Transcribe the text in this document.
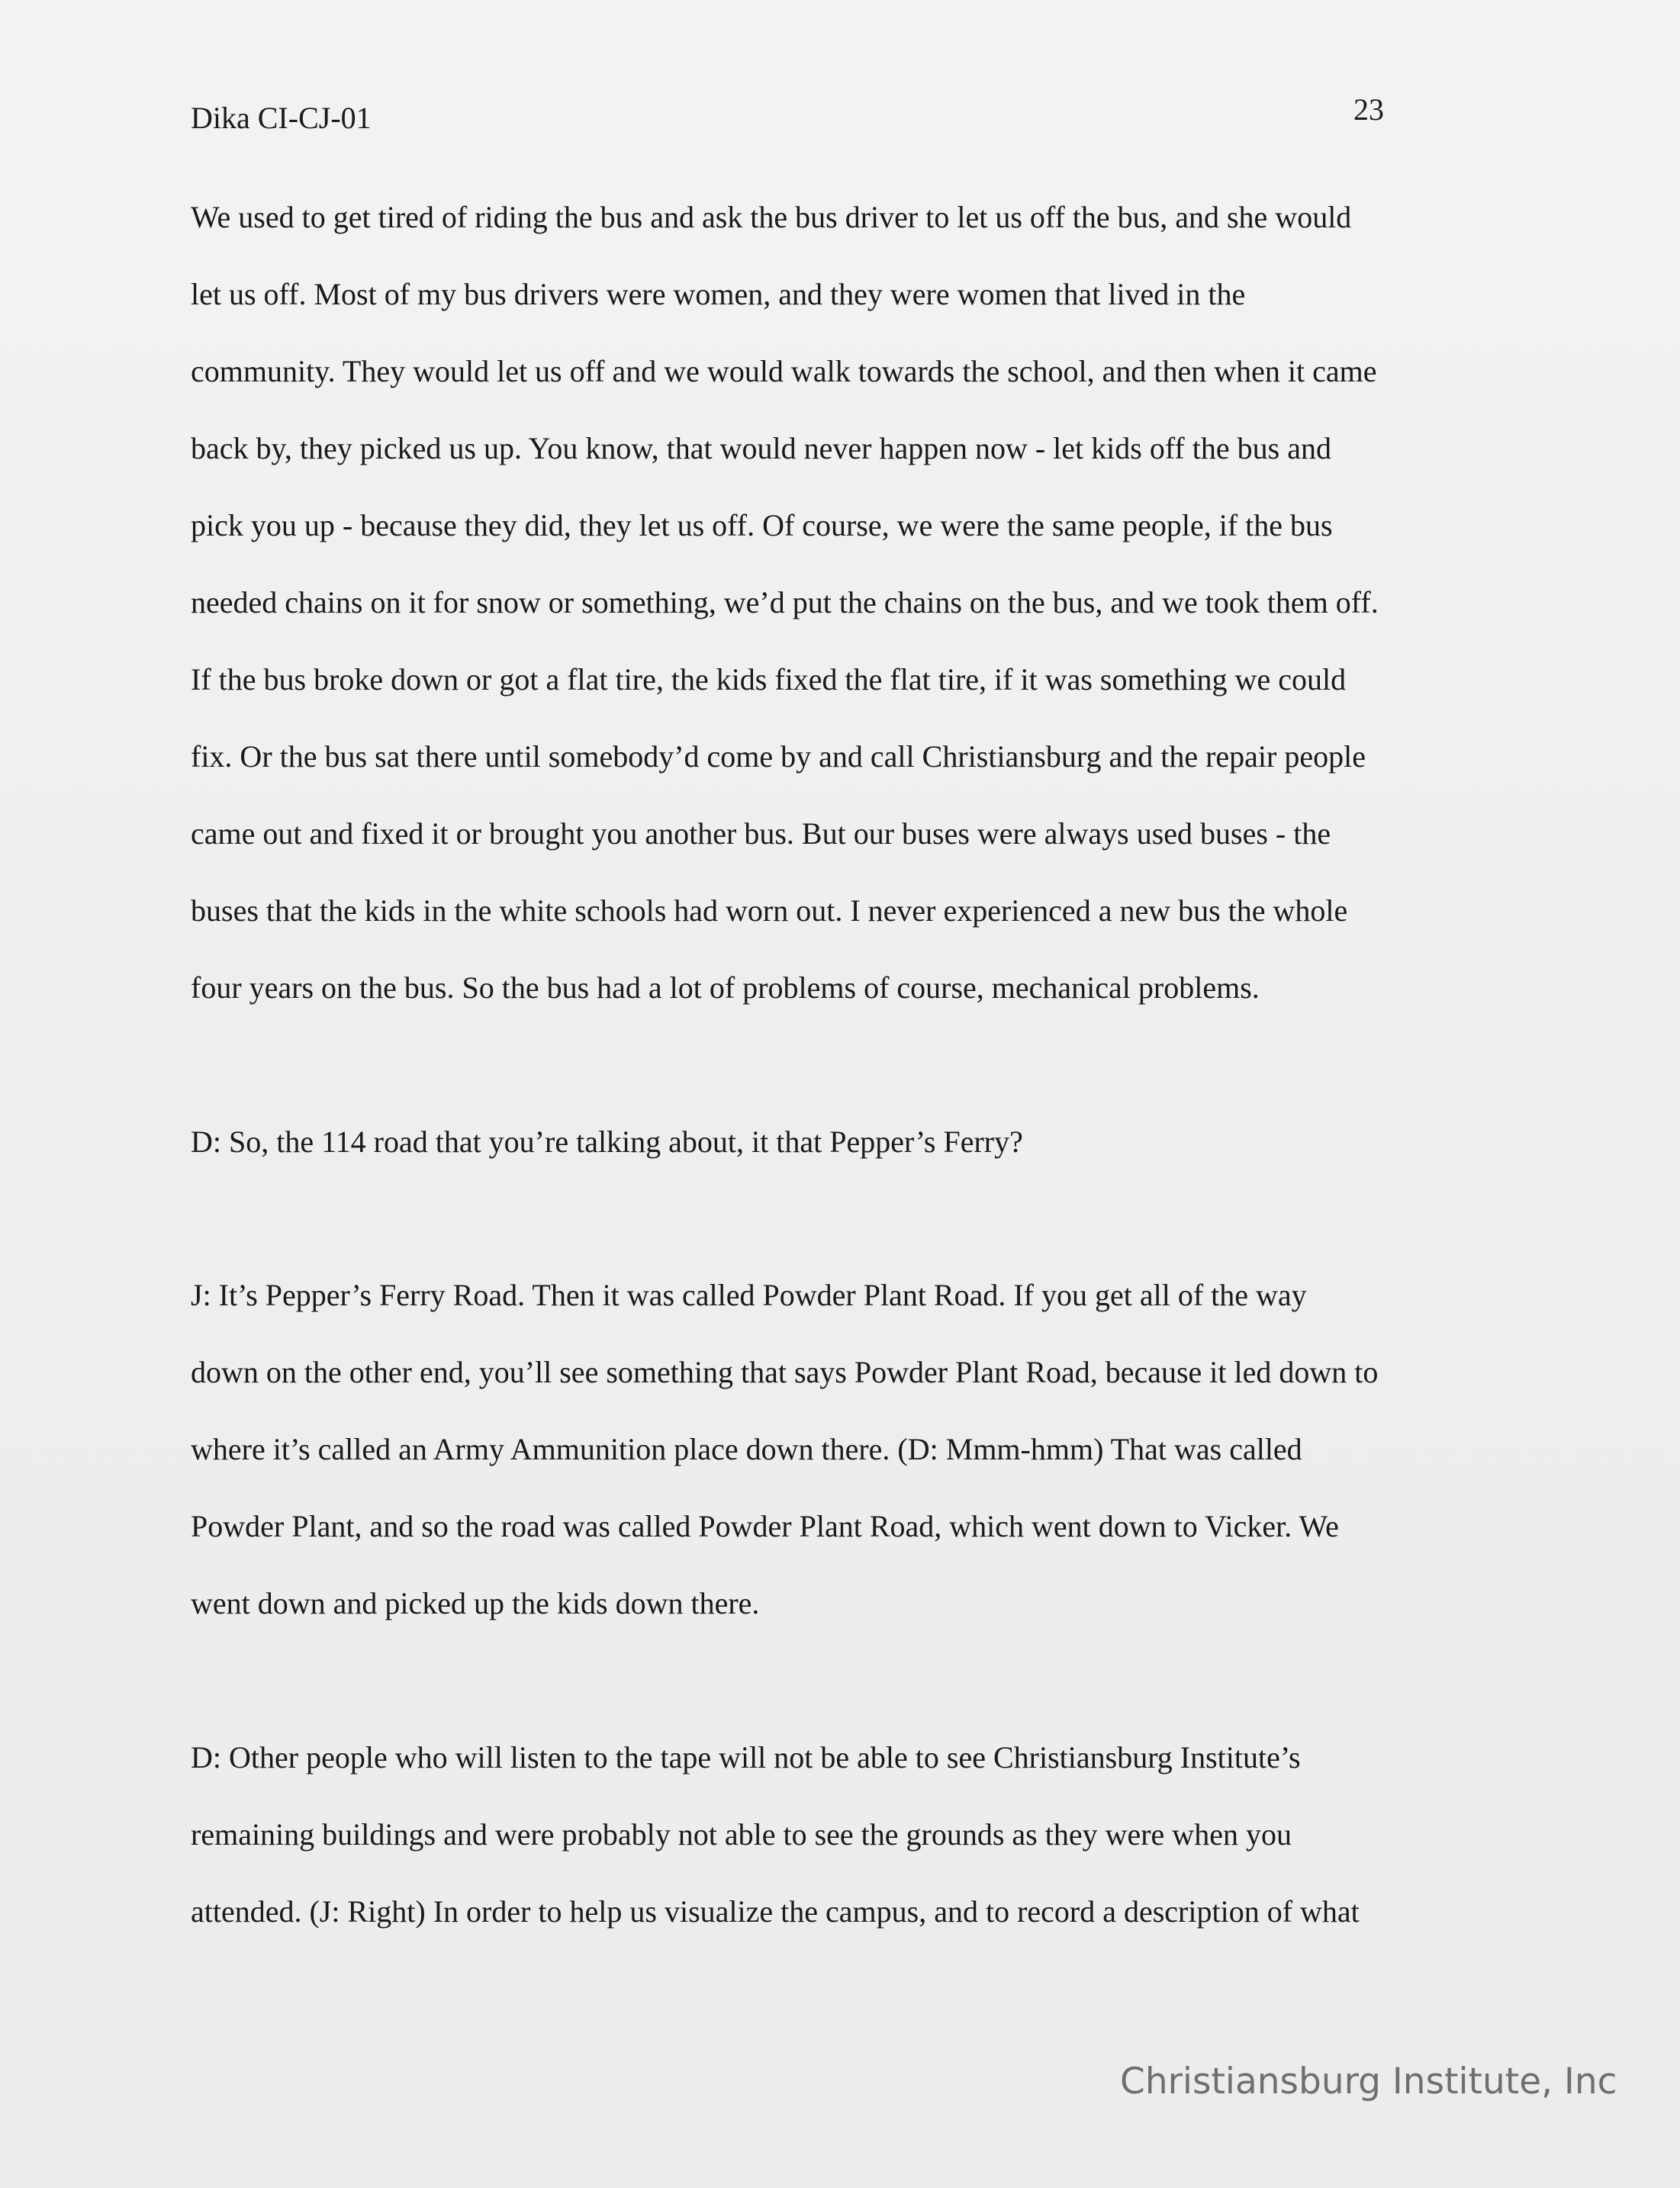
Dika CI-CJ-01	23
We used to get tired of riding the bus and ask the bus driver to let us off the bus, and she would
let us off. Most of my bus drivers were women, and they were women that lived in the
community. They would let us off and we would walk towards the school, and then when it came
back by, they picked us up. You know, that would never happen now - let kids off the bus and
pick you up - because they did, they let us off. Of course, we were the same people, if the bus
needed chains on it for snow or something, we’d put the chains on the bus, and we took them off.
If the bus broke down or got a flat tire, the kids fixed the flat tire, if it was something we could
fix. Or the bus sat there until somebody’d come by and call Christiansburg and the repair people
came out and fixed it or brought you another bus. But our buses were always used buses - the
buses that the kids in the white schools had worn out. I never experienced a new bus the whole
four years on the bus. So the bus had a lot of problems of course, mechanical problems.
D: So, the 114 road that you’re talking about, it that Pepper’s Ferry?
J: It’s Pepper’s Ferry Road. Then it was called Powder Plant Road. If you get all of the way
down on the other end, you’ll see something that says Powder Plant Road, because it led down to
where it’s called an Army Ammunition place down there. (D: Mmm-hmm) That was called
Powder Plant, and so the road was called Powder Plant Road, which went down to Vicker. We
went down and picked up the kids down there.
D: Other people who will listen to the tape will not be able to see Christiansburg Institute’s
remaining buildings and were probably not able to see the grounds as they were when you
attended. (J: Right) In order to help us visualize the campus, and to record a description of what
Christiansburg Institute, Inc
